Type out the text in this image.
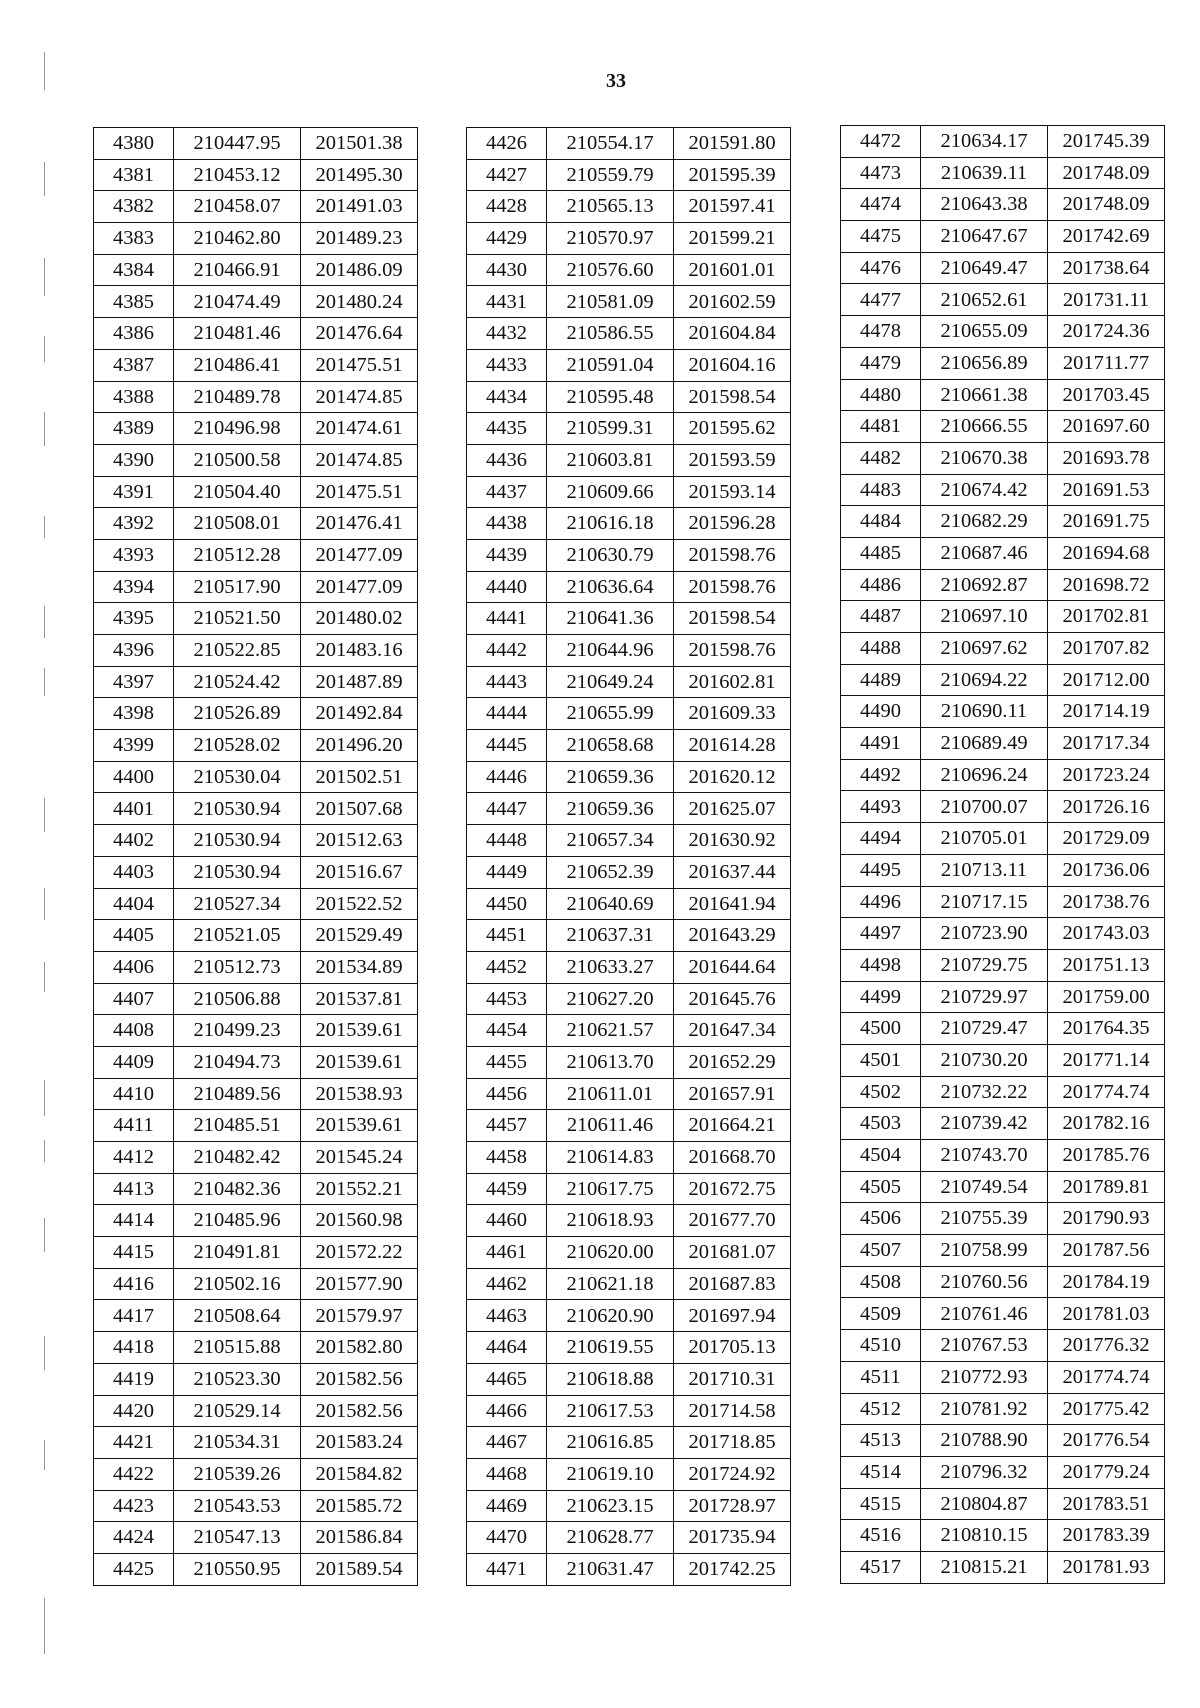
33
4380	210447.95	201501.38
4381	210453.12	201495.30
4382	210458.07	201491.03
4383	210462.80	201489.23
4384	210466.91	201486.09
4385	210474.49	201480.24
4386	210481.46	201476.64
4387	210486.41	201475.51
4388	210489.78	201474.85
4389	210496.98	201474.61
4390	210500.58	201474.85
4391	210504.40	201475.51
4392	210508.01	201476.41
4393	210512.28	201477.09
4394	210517.90	201477.09
4395	210521.50	201480.02
4396	210522.85	201483.16
4397	210524.42	201487.89
4398	210526.89	201492.84
4399	210528.02	201496.20
4400	210530.04	201502.51
4401	210530.94	201507.68
4402	210530.94	201512.63
4403	210530.94	201516.67
4404	210527.34	201522.52
4405	210521.05	201529.49
4406	210512.73	201534.89
4407	210506.88	201537.81
4408	210499.23	201539.61
4409	210494.73	201539.61
4410	210489.56	201538.93
4411	210485.51	201539.61
4412	210482.42	201545.24
4413	210482.36	201552.21
4414	210485.96	201560.98
4415	210491.81	201572.22
4416	210502.16	201577.90
4417	210508.64	201579.97
4418	210515.88	201582.80
4419	210523.30	201582.56
4420	210529.14	201582.56
4421	210534.31	201583.24
4422	210539.26	201584.82
4423	210543.53	201585.72
4424	210547.13	201586.84
4425	210550.95	201589.54
4426	210554.17	201591.80
4427	210559.79	201595.39
4428	210565.13	201597.41
4429	210570.97	201599.21
4430	210576.60	201601.01
4431	210581.09	201602.59
4432	210586.55	201604.84
4433	210591.04	201604.16
4434	210595.48	201598.54
4435	210599.31	201595.62
4436	210603.81	201593.59
4437	210609.66	201593.14
4438	210616.18	201596.28
4439	210630.79	201598.76
4440	210636.64	201598.76
4441	210641.36	201598.54
4442	210644.96	201598.76
4443	210649.24	201602.81
4444	210655.99	201609.33
4445	210658.68	201614.28
4446	210659.36	201620.12
4447	210659.36	201625.07
4448	210657.34	201630.92
4449	210652.39	201637.44
4450	210640.69	201641.94
4451	210637.31	201643.29
4452	210633.27	201644.64
4453	210627.20	201645.76
4454	210621.57	201647.34
4455	210613.70	201652.29
4456	210611.01	201657.91
4457	210611.46	201664.21
4458	210614.83	201668.70
4459	210617.75	201672.75
4460	210618.93	201677.70
4461	210620.00	201681.07
4462	210621.18	201687.83
4463	210620.90	201697.94
4464	210619.55	201705.13
4465	210618.88	201710.31
4466	210617.53	201714.58
4467	210616.85	201718.85
4468	210619.10	201724.92
4469	210623.15	201728.97
4470	210628.77	201735.94
4471	210631.47	201742.25
4472	210634.17	201745.39
4473	210639.11	201748.09
4474	210643.38	201748.09
4475	210647.67	201742.69
4476	210649.47	201738.64
4477	210652.61	201731.11
4478	210655.09	201724.36
4479	210656.89	201711.77
4480	210661.38	201703.45
4481	210666.55	201697.60
4482	210670.38	201693.78
4483	210674.42	201691.53
4484	210682.29	201691.75
4485	210687.46	201694.68
4486	210692.87	201698.72
4487	210697.10	201702.81
4488	210697.62	201707.82
4489	210694.22	201712.00
4490	210690.11	201714.19
4491	210689.49	201717.34
4492	210696.24	201723.24
4493	210700.07	201726.16
4494	210705.01	201729.09
4495	210713.11	201736.06
4496	210717.15	201738.76
4497	210723.90	201743.03
4498	210729.75	201751.13
4499	210729.97	201759.00
4500	210729.47	201764.35
4501	210730.20	201771.14
4502	210732.22	201774.74
4503	210739.42	201782.16
4504	210743.70	201785.76
4505	210749.54	201789.81
4506	210755.39	201790.93
4507	210758.99	201787.56
4508	210760.56	201784.19
4509	210761.46	201781.03
4510	210767.53	201776.32
4511	210772.93	201774.74
4512	210781.92	201775.42
4513	210788.90	201776.54
4514	210796.32	201779.24
4515	210804.87	201783.51
4516	210810.15	201783.39
4517	210815.21	201781.93
